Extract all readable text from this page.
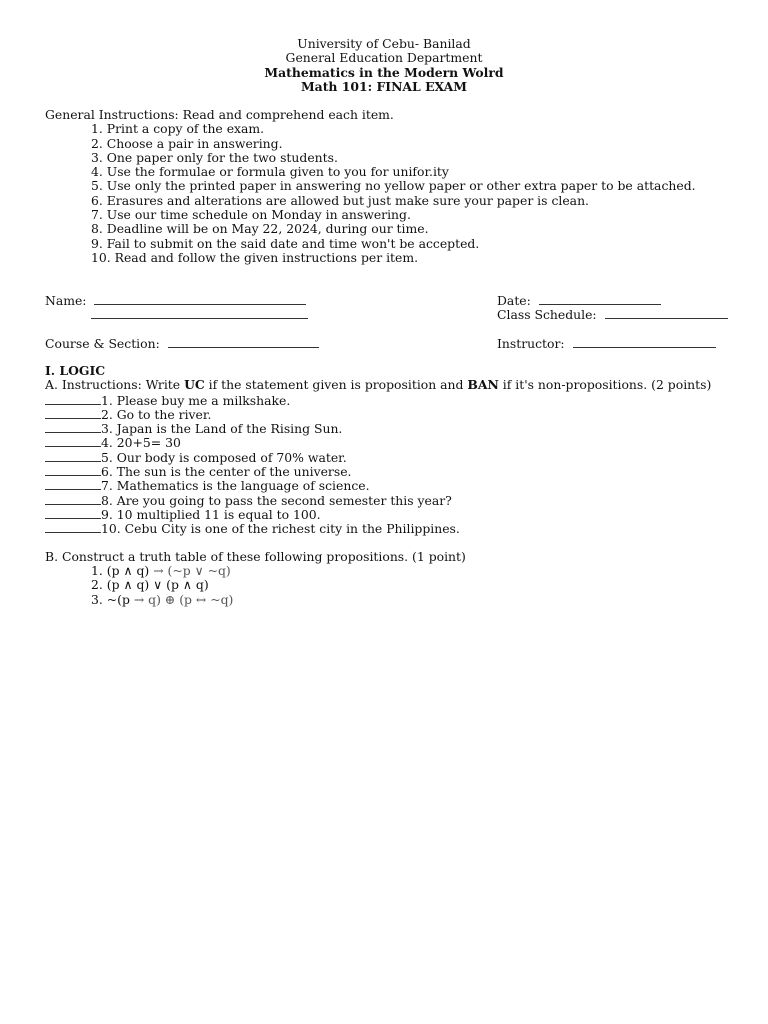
University of Cebu- Banilad
General Education Department
Mathematics in the Modern Wolrd
Math 101: FINAL EXAM
General Instructions: Read and comprehend each item.
1. Print a copy of the exam.
2. Choose a pair in answering.
3. One paper only for the two students.
4. Use the formulae or formula given to you for unifor.ity
5. Use only the printed paper in answering no yellow paper or other extra paper to be attached.
6. Erasures and alterations are allowed but just make sure your paper is clean.
7. Use our time schedule on Monday in answering.
8. Deadline will be on May 22, 2024, during our time.
9. Fail to submit on the said date and time won't be accepted.
10. Read and follow the given instructions per item.
Name:	Date:
Class Schedule:
Course & Section:	Instructor:
I. LOGIC
A. Instructions: Write UC if the statement given is proposition and BAN if it's non-propositions. (2 points)
1. Please buy me a milkshake.
2. Go to the river.
3. Japan is the Land of the Rising Sun.
4. 20+5= 30
5. Our body is composed of 70% water.
6. The sun is the center of the universe.
7. Mathematics is the language of science.
8. Are you going to pass the second semester this year?
9. 10 multiplied 11 is equal to 100.
10. Cebu City is one of the richest city in the Philippines.
B. Construct a truth table of these following propositions. (1 point)
1. (p ∧ q) → (~p ∨ ~q)
2. (p ∧ q) ∨ (p ∧ q)
3. ~(p → q) ⊕ (p ↔ ~q)
